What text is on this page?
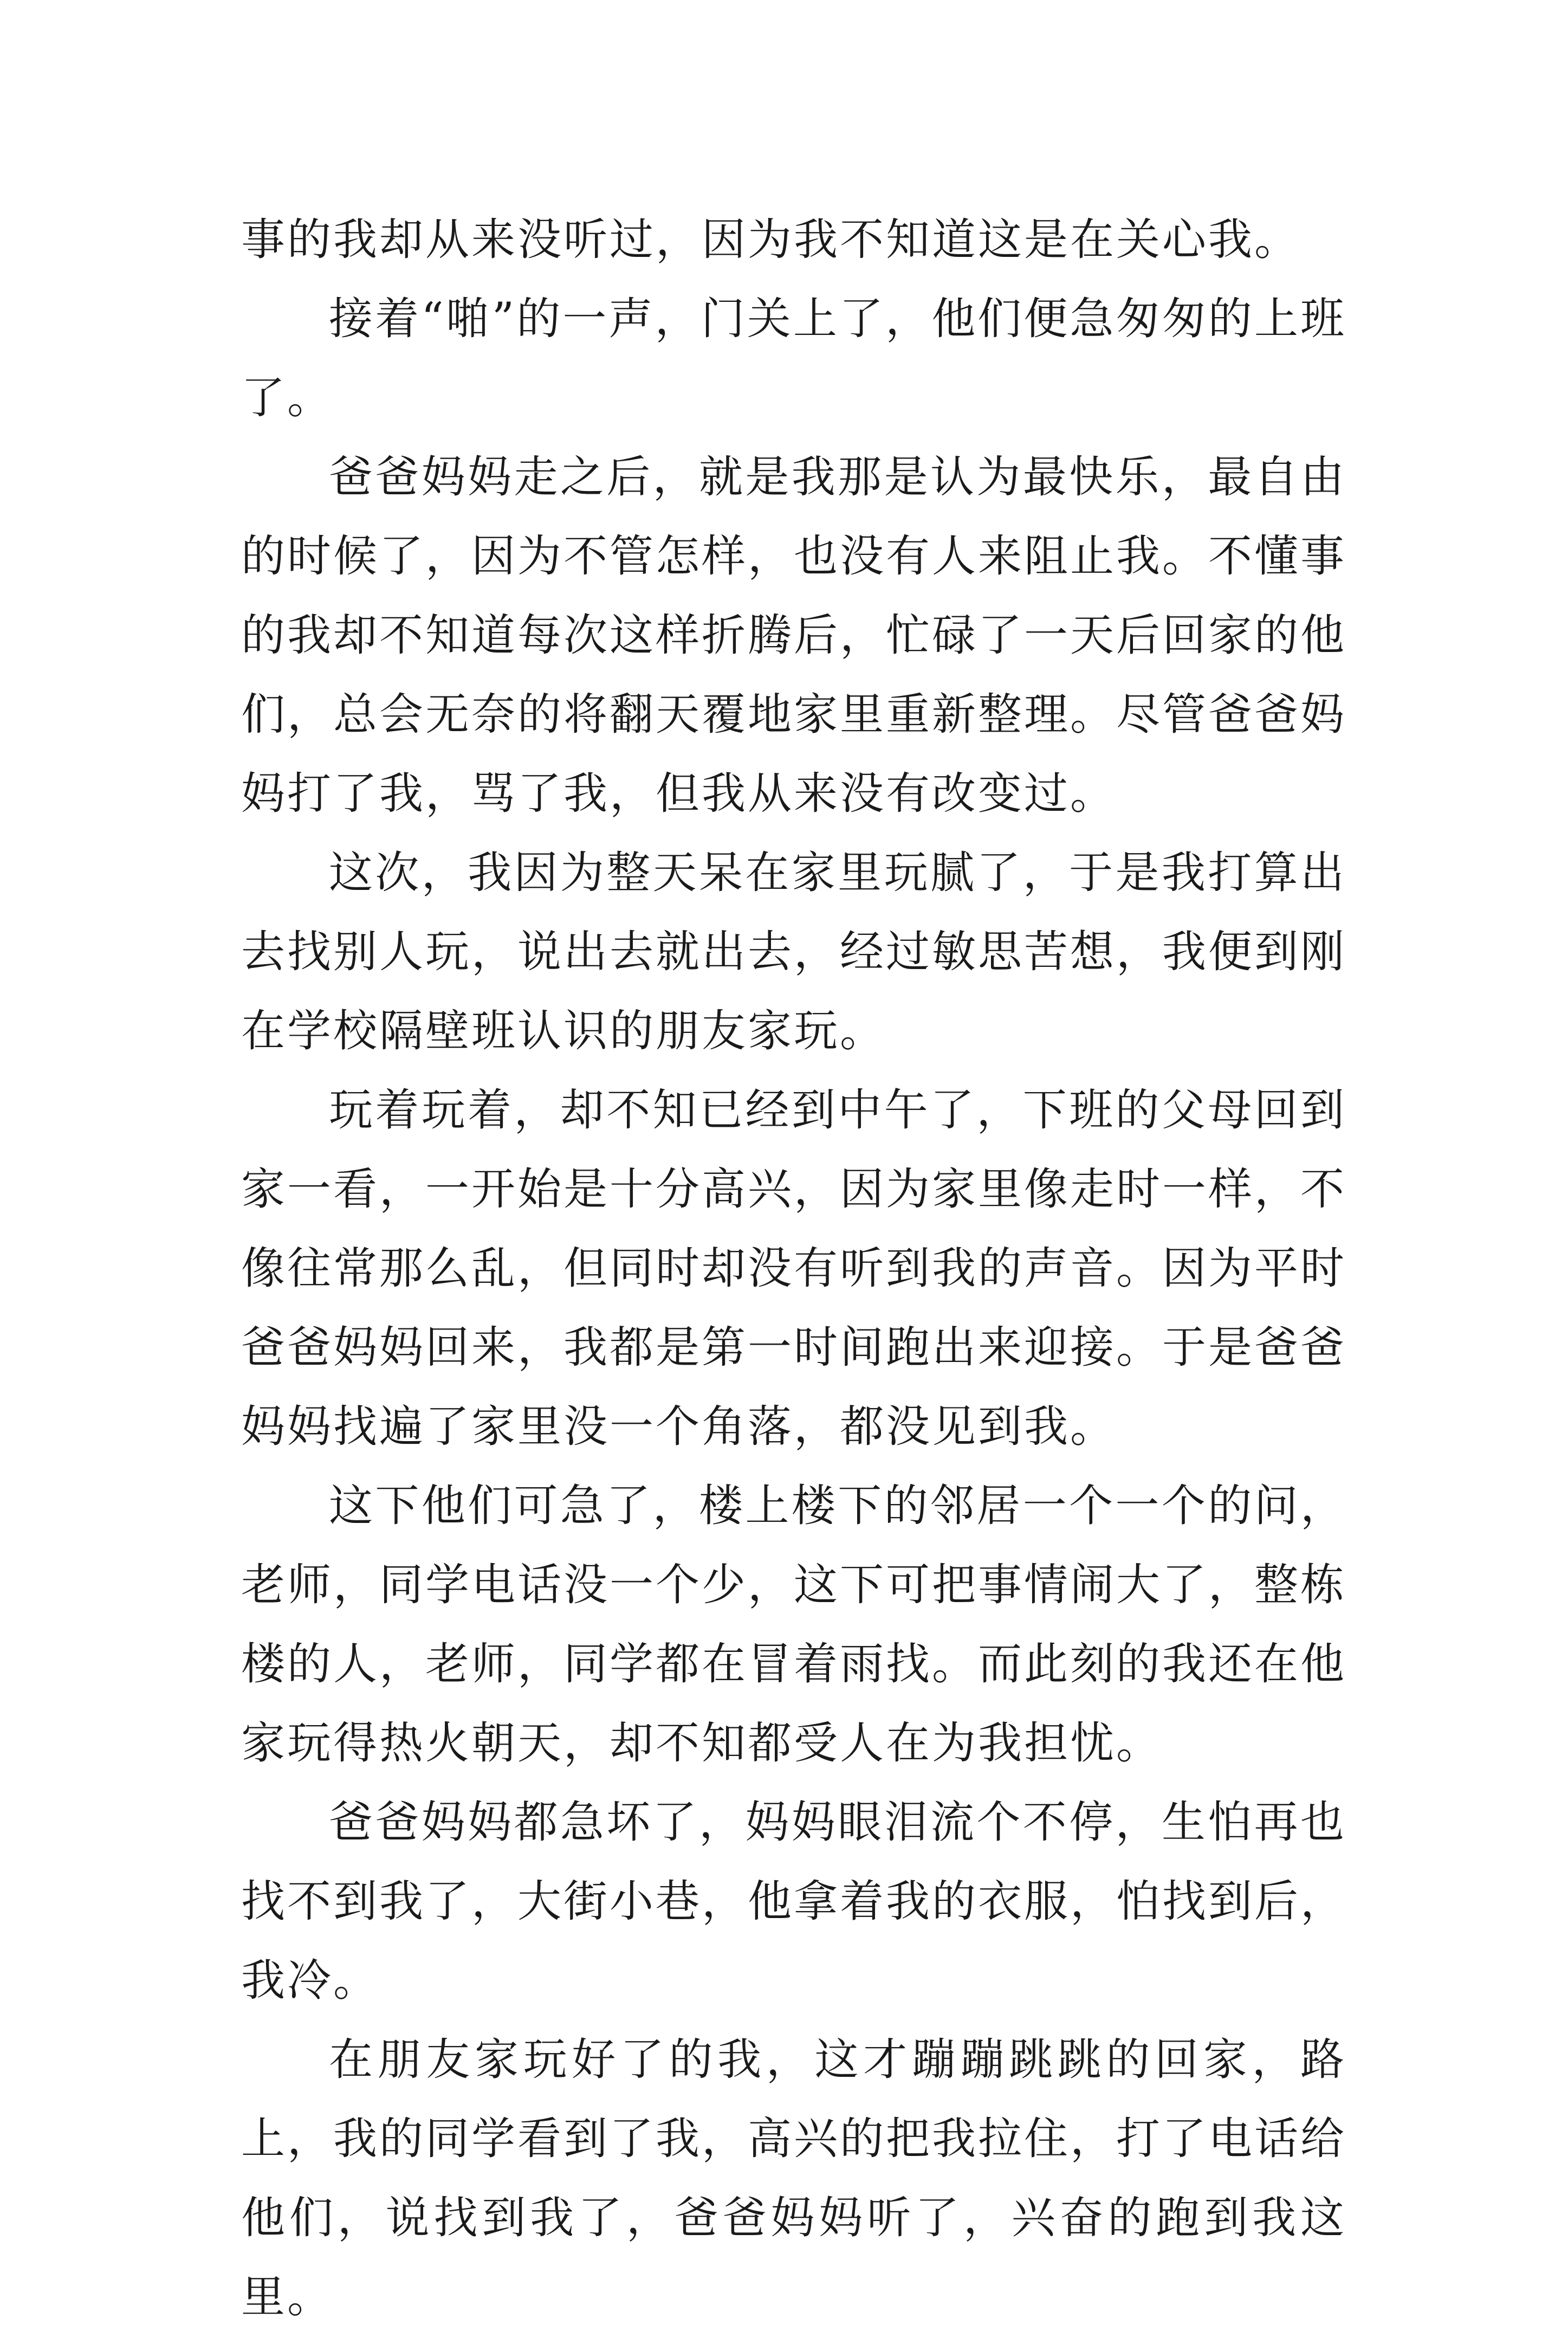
事的我却从来没听过，因为我不知道这是在关心我。

接着“啪”的一声，门关上了，他们便急匆匆的上班了。

爸爸妈妈走之后，就是我那是认为最快乐，最自由的时候了，因为不管怎样，也没有人来阻止我。不懂事的我却不知道每次这样折腾后，忙碌了一天后回家的他们，总会无奈的将翻天覆地家里重新整理。尽管爸爸妈妈打了我，骂了我，但我从来没有改变过。

这次，我因为整天呆在家里玩腻了，于是我打算出去找别人玩，说出去就出去，经过敏思苦想，我便到刚在学校隔壁班认识的朋友家玩。

玩着玩着，却不知已经到中午了，下班的父母回到家一看，一开始是十分高兴，因为家里像走时一样，不像往常那么乱，但同时却没有听到我的声音。因为平时爸爸妈妈回来，我都是第一时间跑出来迎接。于是爸爸妈妈找遍了家里没一个角落，都没见到我。

这下他们可急了，楼上楼下的邻居一个一个的问，老师，同学电话没一个少，这下可把事情闹大了，整栋楼的人，老师，同学都在冒着雨找。而此刻的我还在他家玩得热火朝天，却不知都受人在为我担忧。

爸爸妈妈都急坏了，妈妈眼泪流个不停，生怕再也找不到我了，大街小巷，他拿着我的衣服，怕找到后，我冷。

在朋友家玩好了的我，这才蹦蹦跳跳的回家，路上，我的同学看到了我，高兴的把我拉住，打了电话给他们，说找到我了，爸爸妈妈听了，兴奋的跑到我这里。
